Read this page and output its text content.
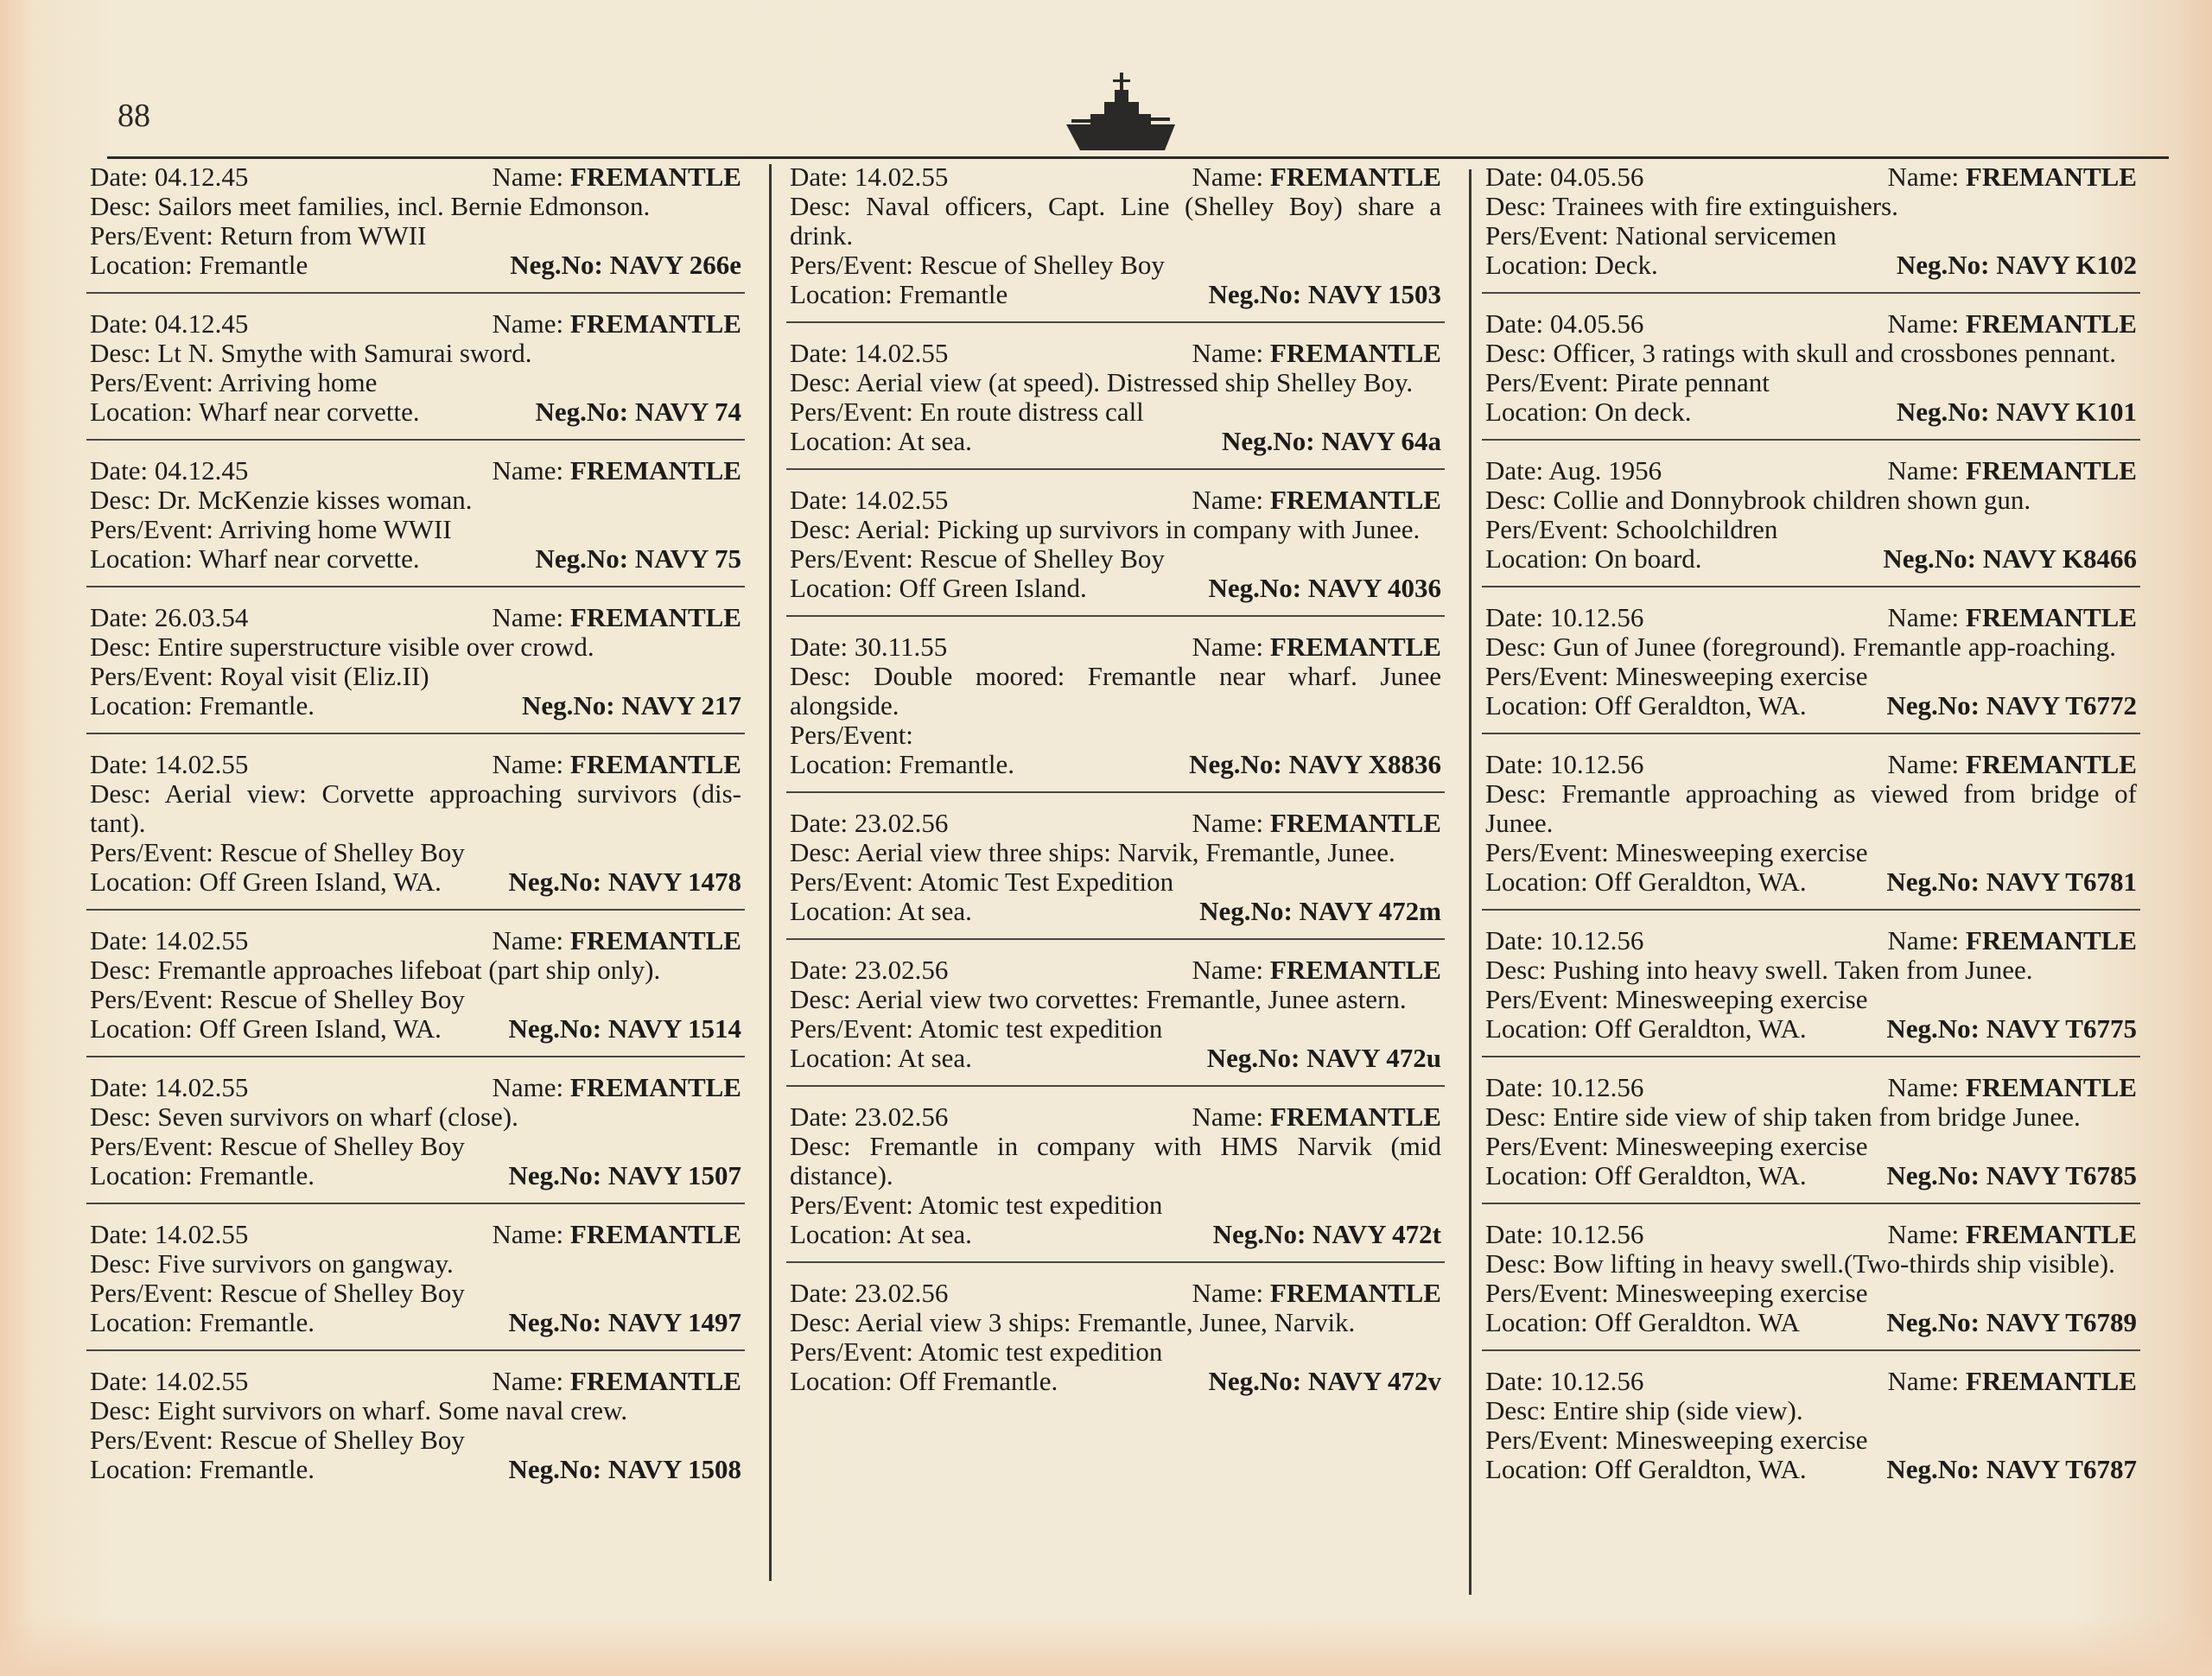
88
Date: 04.12.45	Name: FREMANTLE
Desc: Sailors meet families, incl. Bernie Edmonson.
Pers/Event: Return from WWII
Location: Fremantle	Neg.No: NAVY 266e
Date: 04.12.45	Name: FREMANTLE
Desc: Lt N. Smythe with Samurai sword.
Pers/Event: Arriving home
Location: Wharf near corvette.	Neg.No: NAVY 74
Date: 04.12.45	Name: FREMANTLE
Desc: Dr. McKenzie kisses woman.
Pers/Event: Arriving home WWII
Location: Wharf near corvette.	Neg.No: NAVY 75
Date: 26.03.54	Name: FREMANTLE
Desc: Entire superstructure visible over crowd.
Pers/Event: Royal visit (Eliz.II)
Location: Fremantle.	Neg.No: NAVY 217
Date: 14.02.55	Name: FREMANTLE
Desc: Aerial view: Corvette approaching survivors (dis-tant).
Pers/Event: Rescue of Shelley Boy
Location: Off Green Island, WA.	Neg.No: NAVY 1478
Date: 14.02.55	Name: FREMANTLE
Desc: Fremantle approaches lifeboat (part ship only).
Pers/Event: Rescue of Shelley Boy
Location: Off Green Island, WA.	Neg.No: NAVY 1514
Date: 14.02.55	Name: FREMANTLE
Desc: Seven survivors on wharf (close).
Pers/Event: Rescue of Shelley Boy
Location: Fremantle.	Neg.No: NAVY 1507
Date: 14.02.55	Name: FREMANTLE
Desc: Five survivors on gangway.
Pers/Event: Rescue of Shelley Boy
Location: Fremantle.	Neg.No: NAVY 1497
Date: 14.02.55	Name: FREMANTLE
Desc: Eight survivors on wharf. Some naval crew.
Pers/Event: Rescue of Shelley Boy
Location: Fremantle.	Neg.No: NAVY 1508
Date: 14.02.55	Name: FREMANTLE
Desc: Naval officers, Capt. Line (Shelley Boy) share a drink.
Pers/Event: Rescue of Shelley Boy
Location: Fremantle	Neg.No: NAVY 1503
Date: 14.02.55	Name: FREMANTLE
Desc: Aerial view (at speed). Distressed ship Shelley Boy.
Pers/Event: En route distress call
Location: At sea.	Neg.No: NAVY 64a
Date: 14.02.55	Name: FREMANTLE
Desc: Aerial: Picking up survivors in company with Junee.
Pers/Event: Rescue of Shelley Boy
Location: Off Green Island.	Neg.No: NAVY 4036
Date: 30.11.55	Name: FREMANTLE
Desc: Double moored: Fremantle near wharf. Junee alongside.
Pers/Event:
Location: Fremantle.	Neg.No: NAVY X8836
Date: 23.02.56	Name: FREMANTLE
Desc: Aerial view three ships: Narvik, Fremantle, Junee.
Pers/Event: Atomic Test Expedition
Location: At sea.	Neg.No: NAVY 472m
Date: 23.02.56	Name: FREMANTLE
Desc: Aerial view two corvettes: Fremantle, Junee astern.
Pers/Event: Atomic test expedition
Location: At sea.	Neg.No: NAVY 472u
Date: 23.02.56	Name: FREMANTLE
Desc: Fremantle in company with HMS Narvik (mid distance).
Pers/Event: Atomic test expedition
Location: At sea.	Neg.No: NAVY 472t
Date: 23.02.56	Name: FREMANTLE
Desc: Aerial view 3 ships: Fremantle, Junee, Narvik.
Pers/Event: Atomic test expedition
Location: Off Fremantle.	Neg.No: NAVY 472v
Date: 04.05.56	Name: FREMANTLE
Desc: Trainees with fire extinguishers.
Pers/Event: National servicemen
Location: Deck.	Neg.No: NAVY K102
Date: 04.05.56	Name: FREMANTLE
Desc: Officer, 3 ratings with skull and crossbones pennant.
Pers/Event: Pirate pennant
Location: On deck.	Neg.No: NAVY K101
Date: Aug. 1956	Name: FREMANTLE
Desc: Collie and Donnybrook children shown gun.
Pers/Event: Schoolchildren
Location: On board.	Neg.No: NAVY K8466
Date: 10.12.56	Name: FREMANTLE
Desc: Gun of Junee (foreground). Fremantle app-roaching.
Pers/Event: Minesweeping exercise
Location: Off Geraldton, WA.	Neg.No: NAVY T6772
Date: 10.12.56	Name: FREMANTLE
Desc: Fremantle approaching as viewed from bridge of Junee.
Pers/Event: Minesweeping exercise
Location: Off Geraldton, WA.	Neg.No: NAVY T6781
Date: 10.12.56	Name: FREMANTLE
Desc: Pushing into heavy swell. Taken from Junee.
Pers/Event: Minesweeping exercise
Location: Off Geraldton, WA.	Neg.No: NAVY T6775
Date: 10.12.56	Name: FREMANTLE
Desc: Entire side view of ship taken from bridge Junee.
Pers/Event: Minesweeping exercise
Location: Off Geraldton, WA.	Neg.No: NAVY T6785
Date: 10.12.56	Name: FREMANTLE
Desc: Bow lifting in heavy swell.(Two-thirds ship visible).
Pers/Event: Minesweeping exercise
Location: Off Geraldton. WA	Neg.No: NAVY T6789
Date: 10.12.56	Name: FREMANTLE
Desc: Entire ship (side view).
Pers/Event: Minesweeping exercise
Location: Off Geraldton, WA.	Neg.No: NAVY T6787
